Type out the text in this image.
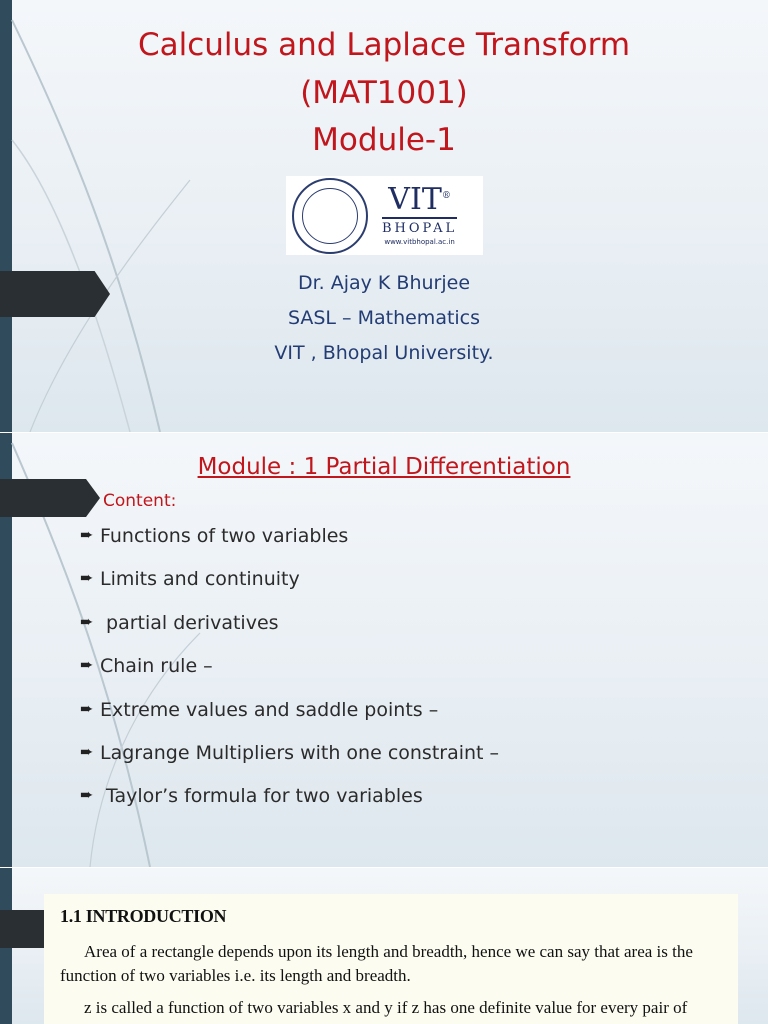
Calculus and Laplace Transform
(MAT1001)
Module-1
VIT®
BHOPAL
www.vitbhopal.ac.in
Dr. Ajay K Bhurjee
SASL – Mathematics
VIT , Bhopal University.
Module : 1 Partial Differentiation
Content:
➨ Functions of two variables
➨ Limits and continuity
➨ partial derivatives
➨ Chain rule –
➨ Extreme values and saddle points –
➨ Lagrange Multipliers with one constraint –
➨ Taylor’s formula for two variables
1.1 INTRODUCTION
Area of a rectangle depends upon its length and breadth, hence we can say that area is the function of two variables i.e. its length and breadth.
z is called a function of two variables x and y if z has one definite value for every pair of
